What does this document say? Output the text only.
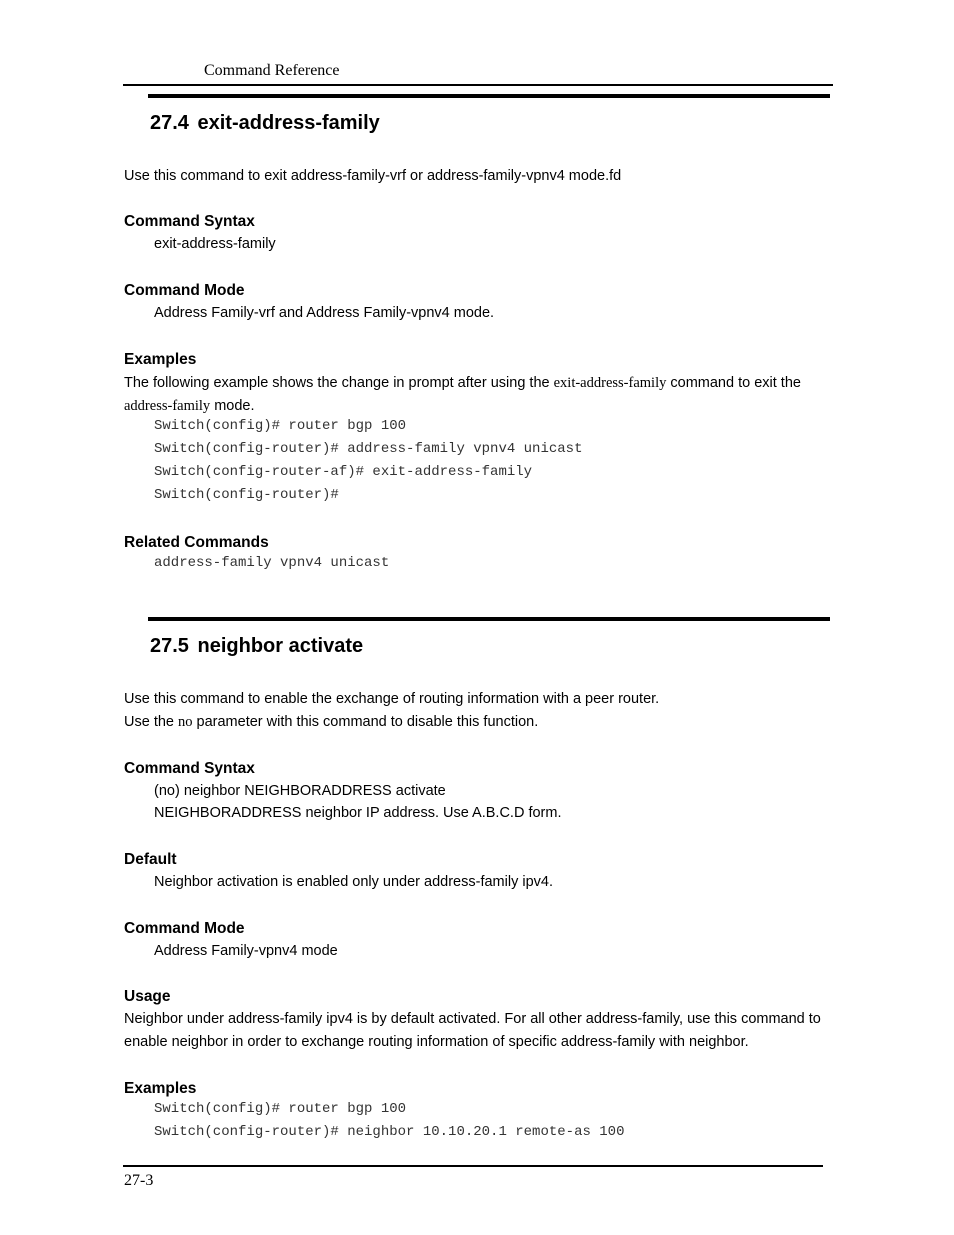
Command Reference
27.4 exit-address-family
Use this command to exit address-family-vrf or address-family-vpnv4 mode.fd
Command Syntax
exit-address-family
Command Mode
Address Family-vrf and Address Family-vpnv4 mode.
Examples
The following example shows the change in prompt after using the exit-address-family command to exit the
address-family mode.
Switch(config)# router bgp 100
Switch(config-router)# address-family vpnv4 unicast
Switch(config-router-af)# exit-address-family
Switch(config-router)#
Related Commands
address-family vpnv4 unicast
27.5 neighbor activate
Use this command to enable the exchange of routing information with a peer router.
Use the no parameter with this command to disable this function.
Command Syntax
(no) neighbor NEIGHBORADDRESS activate
NEIGHBORADDRESS neighbor IP address. Use A.B.C.D form.
Default
Neighbor activation is enabled only under address-family ipv4.
Command Mode
Address Family-vpnv4 mode
Usage
Neighbor under address-family ipv4 is by default activated. For all other address-family, use this command to
enable neighbor in order to exchange routing information of specific address-family with neighbor.
Examples
Switch(config)# router bgp 100
Switch(config-router)# neighbor 10.10.20.1 remote-as 100
27-3
